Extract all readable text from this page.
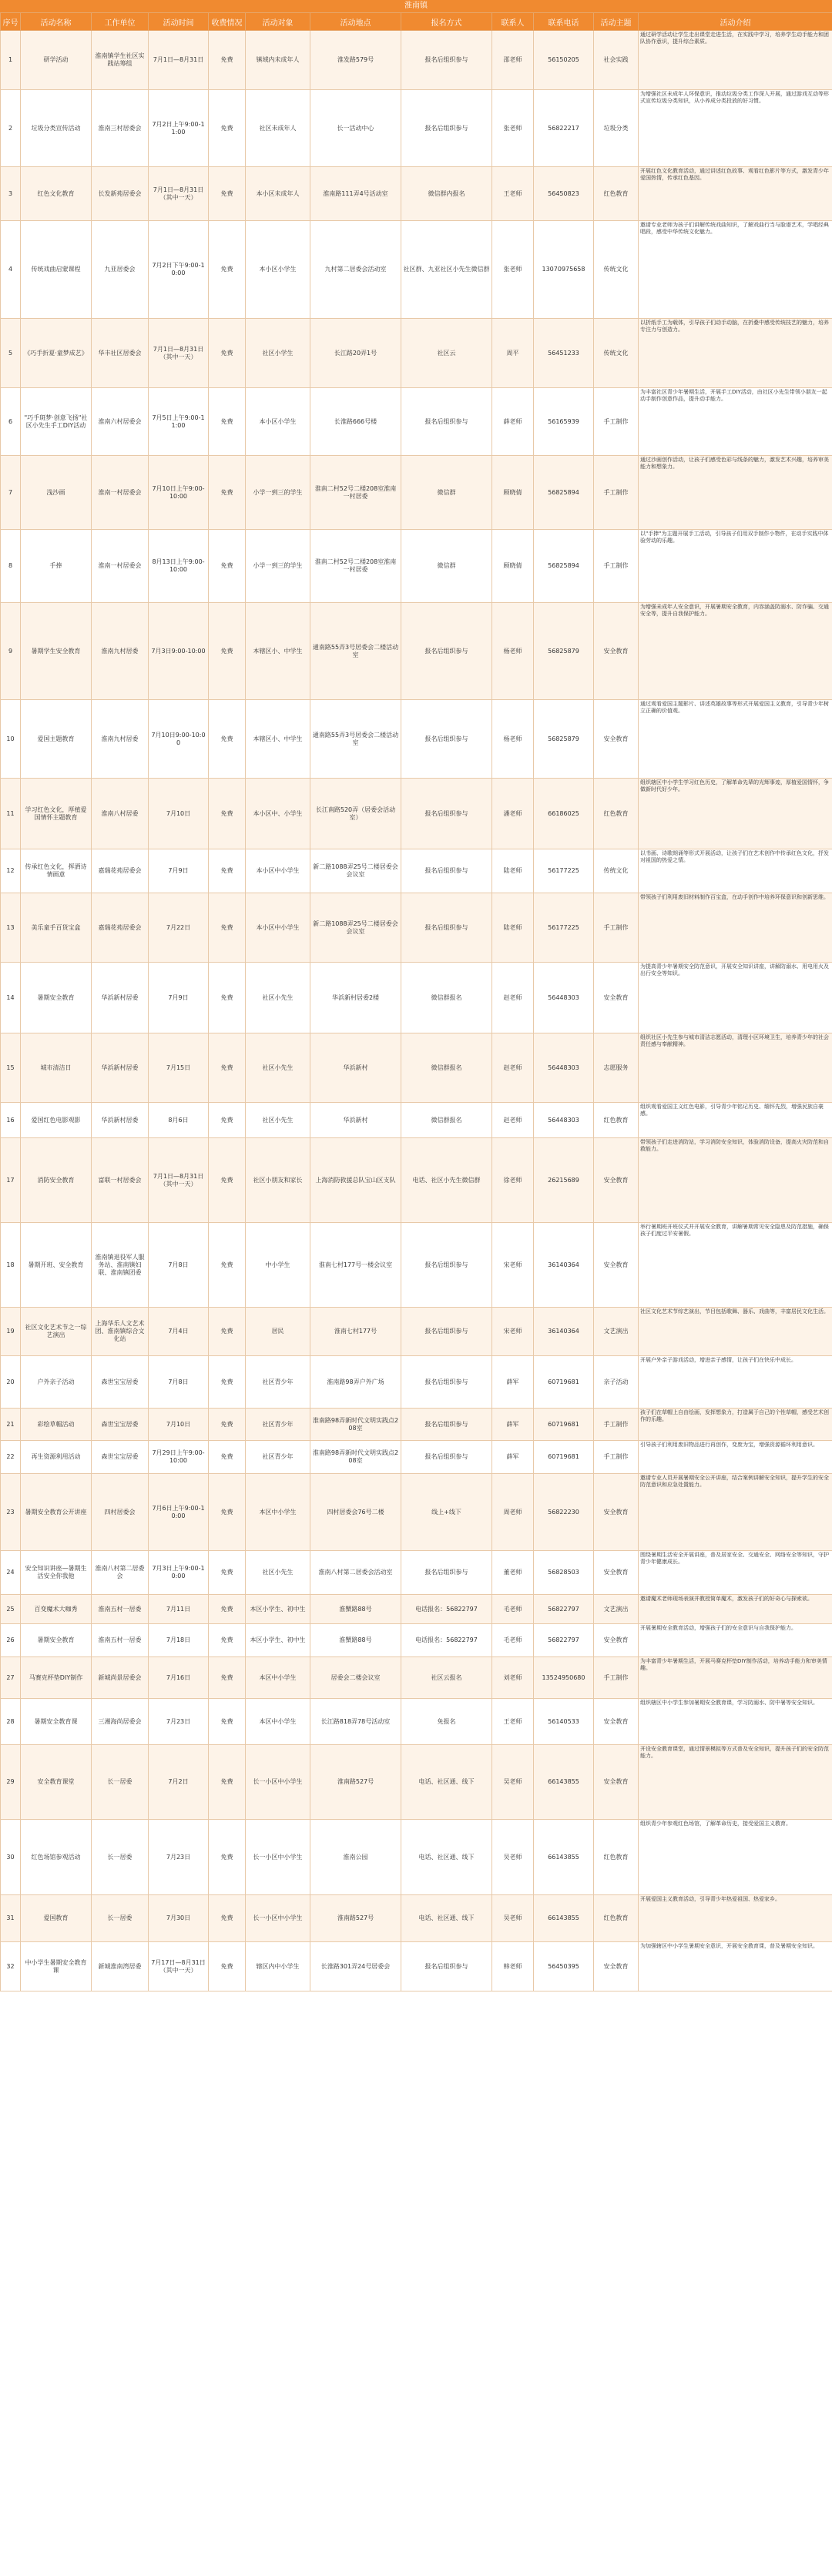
淮南镇
序号	活动名称	工作单位	活动时间	收费情况	活动对象	活动地点	报名方式	联系人	联系电话	活动主题	活动介绍
1	研学活动	淮南镇学生社区实践站筹组	7月1日—8月31日	免费	镇域内未成年人	淮发路579号	报名后组织参与	邵老师	56150205	社会实践	通过研学活动让学生走出课堂走进生活，在实践中学习，培养学生动手能力和团队协作意识，提升综合素质。
2	垃圾分类宣传活动	淮南三村居委会	7月2日上午9:00-11:00	免费	社区未成年人	长一活动中心	报名后组织参与	张老师	56822217	垃圾分类	为增强社区未成年人环保意识，推动垃圾分类工作深入开展，通过游戏互动等形式宣传垃圾分类知识，从小养成分类投放的好习惯。
3	红色文化教育	长发新苑居委会	7月1日—8月31日（其中一天）	免费	本小区未成年人	淮南路111弄4号活动室	微信群内报名	王老师	56450823	红色教育	开展红色文化教育活动，通过讲述红色故事、观看红色影片等方式，激发青少年爱国热情，传承红色基因。
4	传统戏曲启蒙课程	九亚居委会	7月2日下午9:00-10:00	免费	本小区小学生	九村第二居委会活动室	社区群、九亚社区小先生微信群	张老师	13070975658	传统文化	邀请专业老师为孩子们讲解传统戏曲知识，了解戏曲行当与脸谱艺术，学唱经典唱段，感受中华传统文化魅力。
5	《巧手折夏·童梦成艺》	华丰社区居委会	7月1日—8月31日（其中一天）	免费	社区小学生	长江路20弄1号	社区云	周平	56451233	传统文化	以折纸手工为载体，引导孩子们动手动脑，在折叠中感受传统技艺的魅力，培养专注力与创造力。
6	"巧手斑梦·创意飞扬"社区小先生手工DIY活动	淮南六村居委会	7月5日上午9:00-11:00	免费	本小区小学生	长淮路666号楼	报名后组织参与	薛老师	56165939	手工制作	为丰富社区青少年暑期生活，开展手工DIY活动，由社区小先生带领小朋友一起动手制作创意作品，提升动手能力。
7	浅沙画	淮南一村居委会	7月10日上午9:00-10:00	免费	小学一到三的学生	淮南二村52号二楼208室淮南一村居委	微信群	顾晓倩	56825894	手工制作	通过沙画创作活动，让孩子们感受色彩与线条的魅力，激发艺术兴趣，培养审美能力和想象力。
8	手捧	淮南一村居委会	8月13日上午9:00-10:00	免费	小学一到三的学生	淮南二村52号二楼208室淮南一村居委	微信群	顾晓倩	56825894	手工制作	以"手捧"为主题开展手工活动，引导孩子们用双手制作小物件，在动手实践中体验劳动的乐趣。
9	暑期学生安全教育	淮南九村居委	7月3日9:00-10:00	免费	本辖区小、中学生	通南路55弄3号居委会二楼活动室	报名后组织参与	杨老师	56825879	安全教育	为增强未成年人安全意识，开展暑期安全教育，内容涵盖防溺水、防诈骗、交通安全等，提升自我保护能力。
10	爱国主题教育	淮南九村居委	7月10日9:00-10:00	免费	本辖区小、中学生	通南路55弄3号居委会二楼活动室	报名后组织参与	杨老师	56825879	安全教育	通过观看爱国主题影片、讲述英雄故事等形式开展爱国主义教育，引导青少年树立正确的价值观。
11	学习红色文化，厚植爱国情怀主题教育	淮南八村居委	7月10日	免费	本小区中、小学生	长江南路520弄（居委会活动室）	报名后组织参与	潘老师	66186025	红色教育	组织辖区中小学生学习红色历史，了解革命先辈的光辉事迹，厚植爱国情怀，争做新时代好少年。
12	传承红色文化，挥洒诗情画意	嘉瑞花苑居委会	7月9日	免费	本小区中小学生	新二路1088弄25号二楼居委会会议室	报名后组织参与	陆老师	56177225	传统文化	以书画、诗歌朗诵等形式开展活动，让孩子们在艺术创作中传承红色文化，抒发对祖国的热爱之情。
13	美乐童手百货宝盒	嘉瑞花苑居委会	7月22日	免费	本小区中小学生	新二路1088弄25号二楼居委会会议室	报名后组织参与	陆老师	56177225	手工制作	带领孩子们利用废旧材料制作百宝盒，在动手创作中培养环保意识和创新思维。
14	暑期安全教育	华浜新村居委	7月9日	免费	社区小先生	华浜新村居委2楼	微信群报名	赵老师	56448303	安全教育	为提高青少年暑期安全防范意识，开展安全知识讲座，讲解防溺水、用电用火及出行安全等知识。
15	城市清洁日	华浜新村居委	7月15日	免费	社区小先生	华浜新村	微信群报名	赵老师	56448303	志愿服务	组织社区小先生参与城市清洁志愿活动，清理小区环境卫生，培养青少年的社会责任感与奉献精神。
16	爱国红色电影观影	华浜新村居委	8月6日	免费	社区小先生	华浜新村	微信群报名	赵老师	56448303	红色教育	组织观看爱国主义红色电影，引导青少年铭记历史、缅怀先烈，增强民族自豪感。
17	消防安全教育	富联一村居委会	7月1日—8月31日（其中一天）	免费	社区小朋友和家长	上海消防救援总队宝山区支队	电话、社区小先生微信群	徐老师	26215689	安全教育	带领孩子们走进消防站，学习消防安全知识，体验消防设备，提高火灾防范和自救能力。
18	暑期开班、安全教育	淮南镇退役军人服务站、淮南镇妇联、淮南镇团委	7月8日	免费	中小学生	淮南七村177号一楼会议室	报名后组织参与	宋老师	36140364	安全教育	举行暑期班开班仪式并开展安全教育，讲解暑期常见安全隐患及防范措施，确保孩子们度过平安暑假。
19	社区文化艺术节之一综艺演出	上海华乐人文艺术团、淮南镇综合文化站	7月4日	免费	居民	淮南七村177号	报名后组织参与	宋老师	36140364	文艺演出	社区文化艺术节综艺演出，节目包括歌舞、器乐、戏曲等，丰富居民文化生活。
20	户外亲子活动	森世宝宝居委	7月8日	免费	社区青少年	淮南路98弄户外广场	报名后组织参与	薛军	60719681	亲子活动	开展户外亲子游戏活动，增进亲子感情，让孩子们在快乐中成长。
21	彩绘草帽活动	森世宝宝居委	7月10日	免费	社区青少年	淮南路98弄新时代文明实践点208室	报名后组织参与	薛军	60719681	手工制作	孩子们在草帽上自由绘画，发挥想象力，打造属于自己的个性草帽，感受艺术创作的乐趣。
22	再生资源利用活动	森世宝宝居委	7月29日上午9:00-10:00	免费	社区青少年	淮南路98弄新时代文明实践点208室	报名后组织参与	薛军	60719681	手工制作	引导孩子们利用废旧物品进行再创作，变废为宝，增强资源循环利用意识。
23	暑期安全教育公开讲座	四村居委会	7月6日上午9:00-10:00	免费	本区中小学生	四村居委会76号二楼	线上+线下	周老师	56822230	安全教育	邀请专业人员开展暑期安全公开讲座，结合案例讲解安全知识，提升学生的安全防范意识和应急处置能力。
24	安全知识讲座—暑期生活安全你我他	淮南八村第二居委会	7月3日上午9:00-10:00	免费	社区小先生	淮南八村第二居委会活动室	报名后组织参与	董老师	56828503	安全教育	围绕暑期生活安全开展讲座，普及居家安全、交通安全、网络安全等知识，守护青少年健康成长。
25	百变魔术大咖秀	淮南五村一居委	7月11日	免费	本区小学生、初中生	淮蟹路88号	电话报名：56822797	毛老师	56822797	文艺演出	邀请魔术老师现场表演并教授简单魔术，激发孩子们的好奇心与探索欲。
26	暑期安全教育	淮南五村一居委	7月18日	免费	本区小学生、初中生	淮蟹路88号	电话报名：56822797	毛老师	56822797	安全教育	开展暑期安全教育活动，增强孩子们的安全意识与自我保护能力。
27	马赛克杯垫DIY制作	新城尚景居委会	7月16日	免费	本区中小学生	居委会二楼会议室	社区云报名	刘老师	13524950680	手工制作	为丰富青少年暑期生活，开展马赛克杯垫DIY制作活动，培养动手能力和审美情趣。
28	暑期安全教育课	三湘海尚居委会	7月23日	免费	本区中小学生	长江路818弄78号活动室	免报名	王老师	56140533	安全教育	组织辖区中小学生参加暑期安全教育课，学习防溺水、防中暑等安全知识。
29	安全教育课堂	长一居委	7月2日	免费	长一小区中小学生	淮南路527号	电话、社区通、线下	吴老师	66143855	安全教育	开设安全教育课堂，通过情景模拟等方式普及安全知识，提升孩子们的安全防范能力。
30	红色场馆参观活动	长一居委	7月23日	免费	长一小区中小学生	淮南公园	电话、社区通、线下	吴老师	66143855	红色教育	组织青少年参观红色场馆，了解革命历史，接受爱国主义教育。
31	爱国教育	长一居委	7月30日	免费	长一小区中小学生	淮南路527号	电话、社区通、线下	吴老师	66143855	红色教育	开展爱国主义教育活动，引导青少年热爱祖国、热爱家乡。
32	中小学生暑期安全教育课	新城淮南湾居委	7月17日—8月31日（其中一天）	免费	辖区内中小学生	长淮路301弄24号居委会	报名后组织参与	韩老师	56450395	安全教育	为加强辖区中小学生暑期安全意识，开展安全教育课，普及暑期安全知识。
